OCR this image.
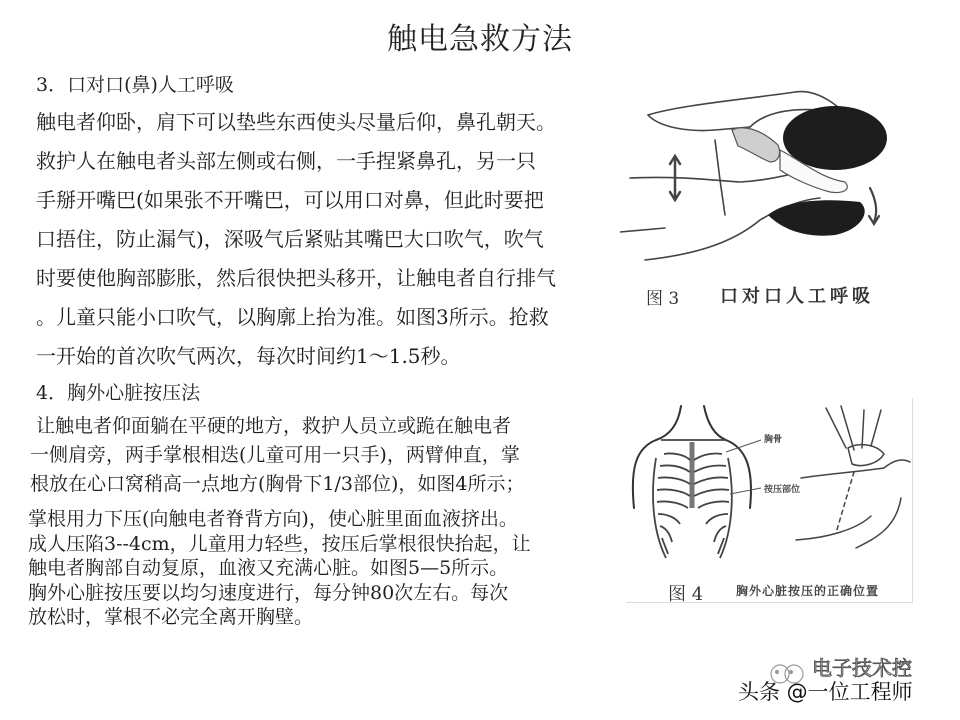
触电急救方法
3．口对口(鼻)人工呼吸
触电者仰卧，肩下可以垫些东西使头尽量后仰，鼻孔朝天。
救护人在触电者头部左侧或右侧，一手捏紧鼻孔，另一只
手掰开嘴巴(如果张不开嘴巴，可以用口对鼻，但此时要把
口捂住，防止漏气)，深吸气后紧贴其嘴巴大口吹气，吹气
时要使他胸部膨胀，然后很快把头移开，让触电者自行排气
。儿童只能小口吹气，以胸廓上抬为准。如图3所示。抢救
一开始的首次吹气两次，每次时间约1～1.5秒。
4．胸外心脏按压法
让触电者仰面躺在平硬的地方，救护人员立或跪在触电者
一侧肩旁，两手掌根相迭(儿童可用一只手)，两臂伸直，掌
根放在心口窝稍高一点地方(胸骨下1/3部位)，如图4所示；
掌根用力下压(向触电者脊背方向)，使心脏里面血液挤出。
成人压陷3--4cm，儿童用力轻些，按压后掌根很快抬起，让
触电者胸部自动复原，血液又充满心脏。如图5—5所示。
胸外心脏按压要以均匀速度进行，每分钟80次左右。每次
放松时，掌根不必完全离开胸壁。
图 3 口对口人工呼吸
胸骨
按压部位
图 4	胸外心脏按压的正确位置
电子技术控
头条 @一位工程师
